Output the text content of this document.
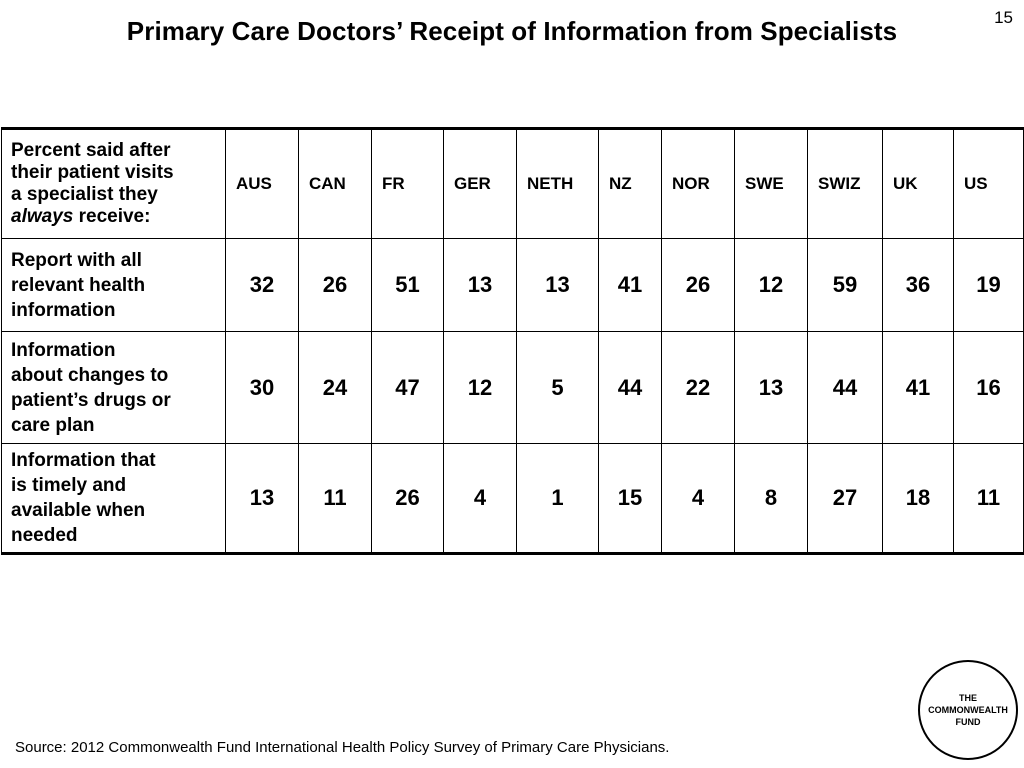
Primary Care Doctors’ Receipt of Information from Specialists	15
Percent said after
their patient visits
a specialist they
always receive:	AUS	CAN	FR	GER	NETH	NZ	NOR	SWE	SWIZ	UK	US
Report with all
relevant health
information	32	26	51	13	13	41	26	12	59	36	19
Information
about changes to
patient’s drugs or
care plan	30	24	47	12	5	44	22	13	44	41	16
Information that
is timely and
available when
needed	13	11	26	4	1	15	4	8	27	18	11
Source: 2012 Commonwealth Fund International Health Policy Survey of Primary Care Physicians.
THE
COMMONWEALTH
FUND
